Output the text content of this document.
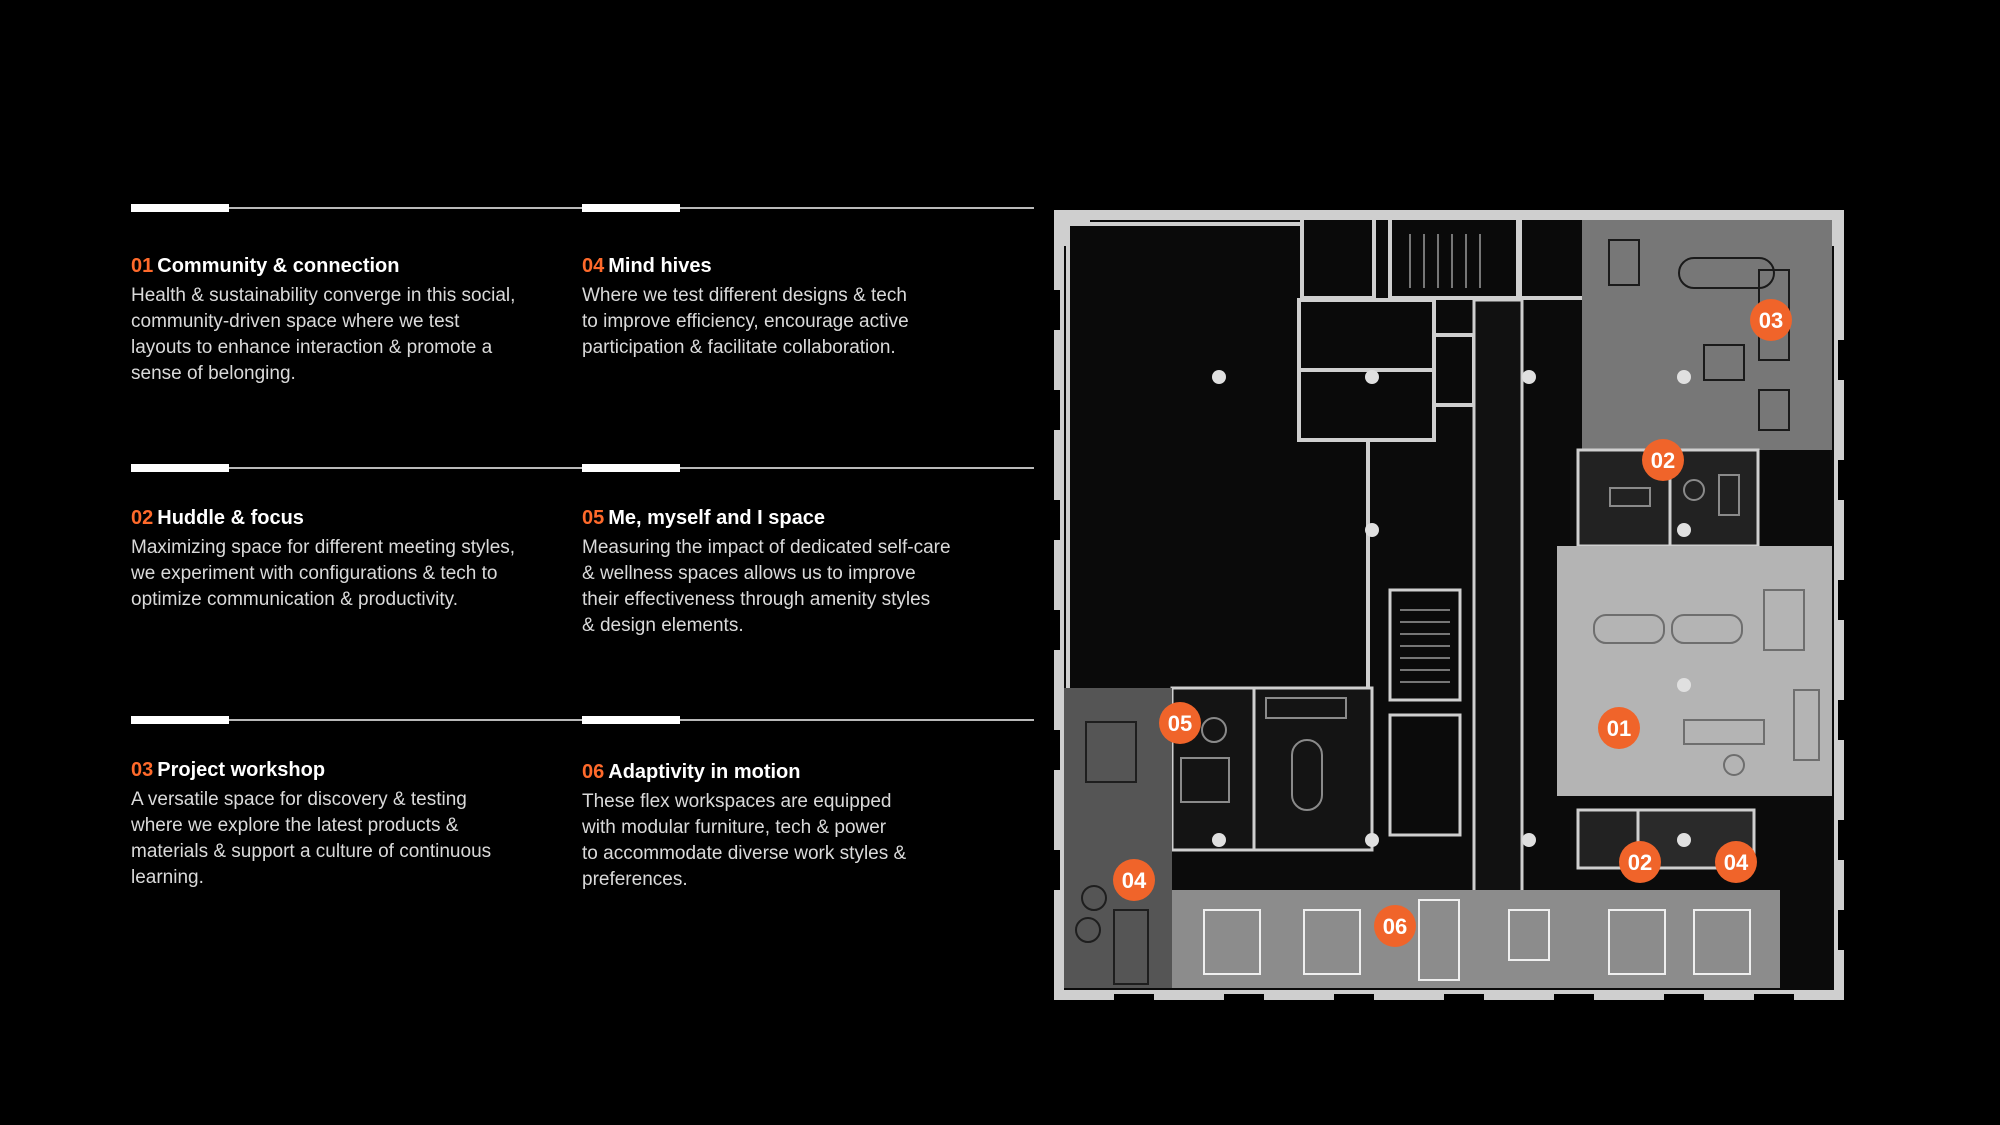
01 Community & connection
Health & sustainability converge in this social,
community-driven space where we test
layouts to enhance interaction & promote a
sense of belonging.
02 Huddle & focus
Maximizing space for different meeting styles,
we experiment with configurations & tech to
optimize communication & productivity.
03 Project workshop
A versatile space for discovery & testing
where we explore the latest products &
materials & support a culture of continuous
learning.
04 Mind hives
Where we test different designs & tech
to improve efficiency, encourage active
participation & facilitate collaboration.
05 Me, myself and I space
Measuring the impact of dedicated self-care
& wellness spaces allows us to improve
their effectiveness through amenity styles
& design elements.
06 Adaptivity in motion
These flex workspaces are equipped
with modular furniture, tech & power
to accommodate diverse work styles &
preferences.
03
02
01
05
02	04
04
06
